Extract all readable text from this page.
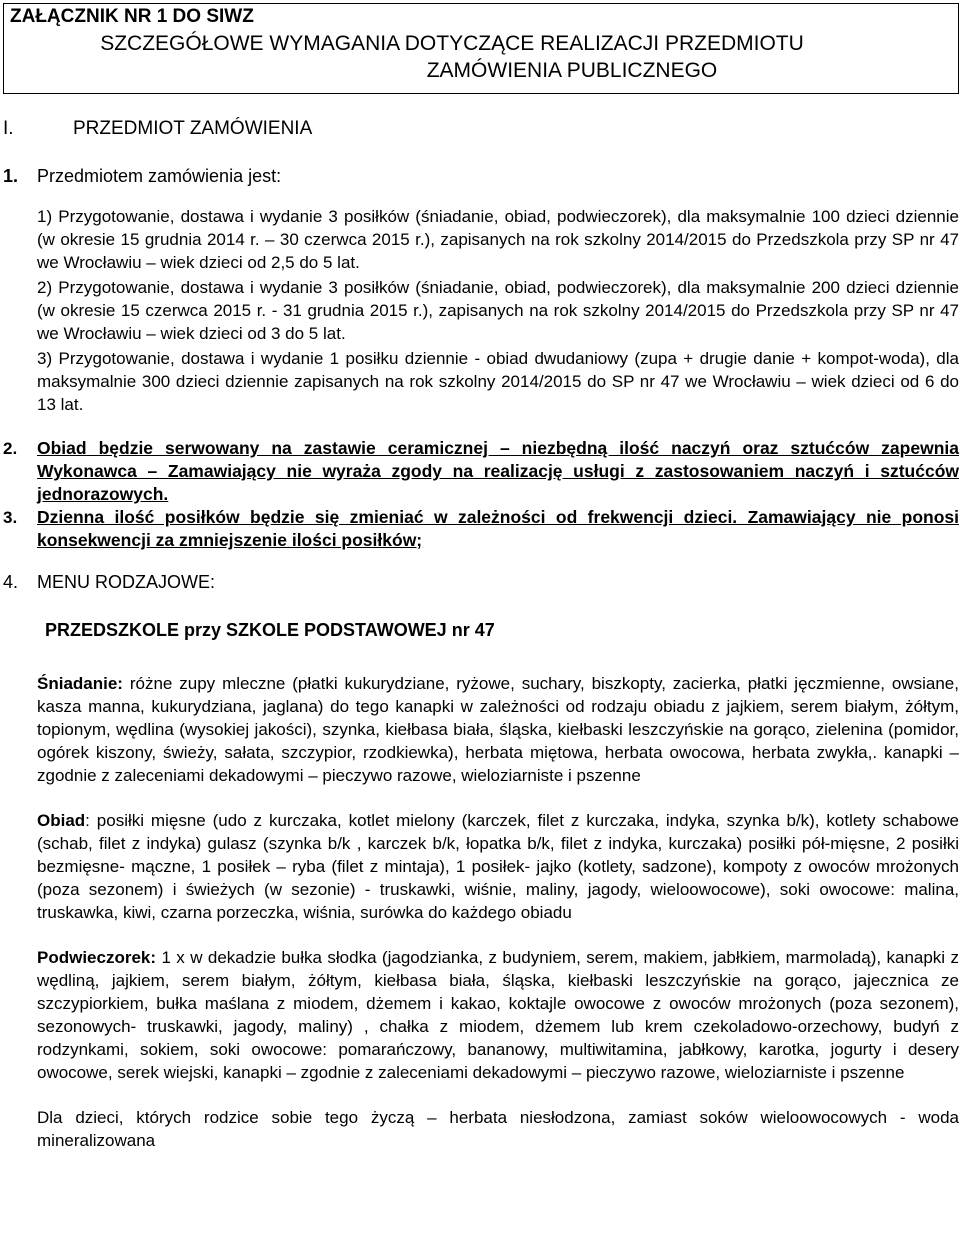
ZAŁĄCZNIK NR 1 DO SIWZ
SZCZEGÓŁOWE WYMAGANIA DOTYCZĄCE REALIZACJI PRZEDMIOTU
ZAMÓWIENIA PUBLICZNEGO
I.	PRZEDMIOT ZAMÓWIENIA
1. Przedmiotem zamówienia jest:

1) Przygotowanie, dostawa i wydanie 3 posiłków (śniadanie, obiad, podwieczorek), dla maksymalnie 100 dzieci dziennie (w okresie 15 grudnia 2014 r. – 30 czerwca 2015 r.), zapisanych na rok szkolny 2014/2015 do Przedszkola przy SP nr 47 we Wrocławiu – wiek dzieci od 2,5 do 5 lat.

2) Przygotowanie, dostawa i wydanie 3 posiłków (śniadanie, obiad, podwieczorek), dla maksymalnie 200 dzieci dziennie (w okresie 15 czerwca 2015 r. - 31 grudnia 2015 r.), zapisanych na rok szkolny 2014/2015 do Przedszkola przy SP nr 47 we Wrocławiu – wiek dzieci od 3 do 5 lat.

3) Przygotowanie, dostawa i wydanie 1 posiłku dziennie - obiad dwudaniowy (zupa + drugie danie + kompot-woda), dla maksymalnie 300 dzieci dziennie zapisanych na rok szkolny 2014/2015 do SP nr 47 we Wrocławiu – wiek dzieci od 6 do 13 lat.

2.	Obiad będzie serwowany na zastawie ceramicznej – niezbędną ilość naczyń oraz sztućców zapewnia Wykonawca – Zamawiający nie wyraża zgody na realizację usługi z zastosowaniem naczyń i sztućców jednorazowych.
3.	Dzienna ilość posiłków będzie się zmieniać w zależności od frekwencji dzieci. Zamawiający nie ponosi konsekwencji za zmniejszenie ilości posiłków;
4.	MENU RODZAJOWE:
PRZEDSZKOLE przy SZKOLE PODSTAWOWEJ nr 47

Śniadanie: różne zupy mleczne (płatki kukurydziane, ryżowe, suchary, biszkopty, zacierka, płatki jęczmienne, owsiane, kasza manna, kukurydziana, jaglana) do tego kanapki w zależności od rodzaju obiadu z jajkiem, serem białym, żółtym, topionym, wędlina (wysokiej jakości), szynka, kiełbasa biała, śląska, kiełbaski leszczyńskie na gorąco, zielenina (pomidor, ogórek kiszony, świeży, sałata, szczypior, rzodkiewka), herbata miętowa, herbata owocowa, herbata zwykła,. kanapki – zgodnie z zaleceniami dekadowymi – pieczywo razowe, wieloziarniste i pszenne

Obiad: posiłki mięsne (udo z kurczaka, kotlet mielony (karczek, filet z kurczaka, indyka, szynka b/k), kotlety schabowe (schab, filet z indyka) gulasz (szynka b/k , karczek b/k, łopatka b/k, filet z indyka, kurczaka) posiłki pół-mięsne, 2 posiłki bezmięsne- mączne, 1 posiłek – ryba (filet z mintaja), 1 posiłek- jajko (kotlety, sadzone), kompoty z owoców mrożonych (poza sezonem) i świeżych (w sezonie) - truskawki, wiśnie, maliny, jagody, wieloowocowe), soki owocowe: malina, truskawka, kiwi, czarna porzeczka, wiśnia, surówka do każdego obiadu

Podwieczorek: 1 x w dekadzie bułka słodka (jagodzianka, z budyniem, serem, makiem, jabłkiem, marmoladą), kanapki z wędliną, jajkiem, serem białym, żółtym, kiełbasa biała, śląska, kiełbaski leszczyńskie na gorąco, jajecznica ze szczypiorkiem, bułka maślana z miodem, dżemem i kakao, koktajle owocowe z owoców mrożonych (poza sezonem), sezonowych- truskawki, jagody, maliny) , chałka z miodem, dżemem lub krem czekoladowo-orzechowy, budyń z rodzynkami, sokiem, soki owocowe: pomarańczowy, bananowy, multiwitamina, jabłkowy, karotka, jogurty i desery owocowe, serek wiejski, kanapki – zgodnie z zaleceniami dekadowymi – pieczywo razowe, wieloziarniste i pszenne

Dla dzieci, których rodzice sobie tego życzą – herbata niesłodzona, zamiast soków wieloowocowych - woda mineralizowana
